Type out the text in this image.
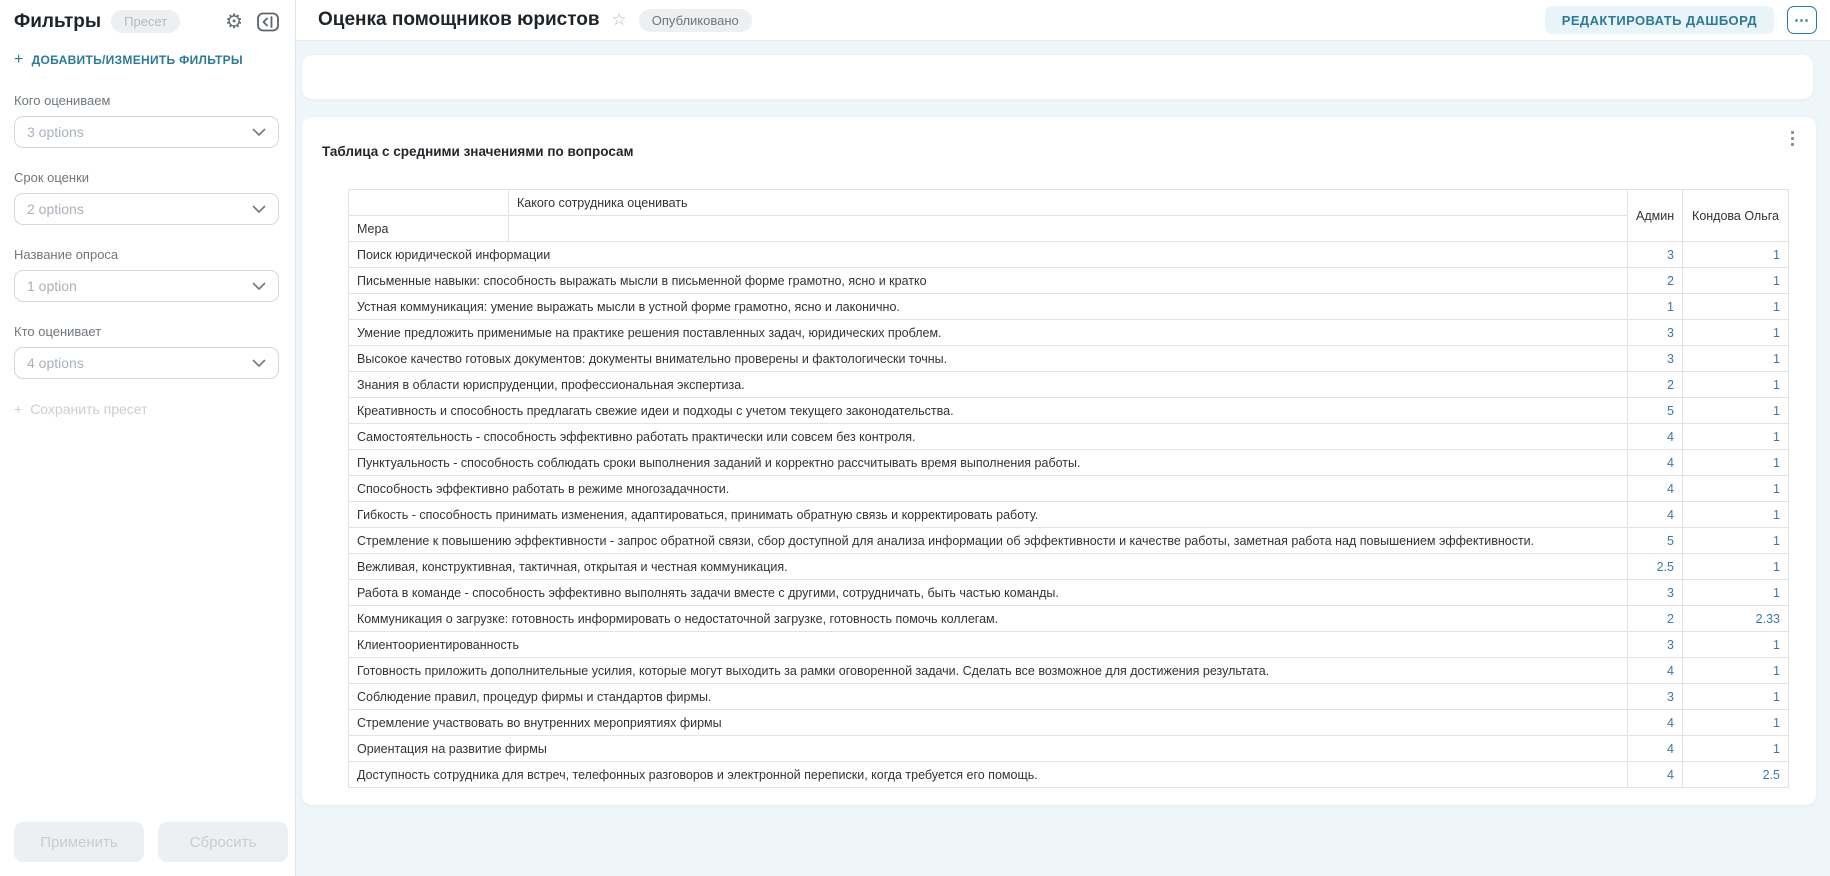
Фильтры	Пресет	⚙
+ ДОБАВИТЬ/ИЗМЕНИТЬ ФИЛЬТРЫ
Кого оцениваем
3 options
Срок оценки
2 options
Название опроса
1 option
Кто оценивает
4 options
+ Сохранить пресет
Применить	Сбросить
Оценка помощников юристов ☆	Опубликовано	РЕДАКТИРОВАТЬ ДАШБОРД	⋯
Таблица с средними значениями по вопросам
	Какого сотрудника оценивать	Админ	Кондова Ольга
Мера			
Поиск юридической информации		3	1
Письменные навыки: способность выражать мысли в письменной форме грамотно, ясно и кратко		2	1
Устная коммуникация: умение выражать мысли в устной форме грамотно, ясно и лаконично.		1	1
Умение предложить применимые на практике решения поставленных задач, юридических проблем.		3	1
Высокое качество готовых документов: документы внимательно проверены и фактологически точны.		3	1
Знания в области юриспруденции, профессиональная экспертиза.		2	1
Креативность и способность предлагать свежие идеи и подходы с учетом текущего законодательства.		5	1
Самостоятельность - способность эффективно работать практически или совсем без контроля.		4	1
Пунктуальность - способность соблюдать сроки выполнения заданий и корректно рассчитывать время выполнения работы.		4	1
Способность эффективно работать в режиме многозадачности.		4	1
Гибкость - способность принимать изменения, адаптироваться, принимать обратную связь и корректировать работу.		4	1
Стремление к повышению эффективности - запрос обратной связи, сбор доступной для анализа информации об эффективности и качестве работы, заметная работа над повышением эффективности.		5	1
Вежливая, конструктивная, тактичная, открытая и честная коммуникация.		2.5	1
Работа в команде - способность эффективно выполнять задачи вместе с другими, сотрудничать, быть частью команды.		3	1
Коммуникация о загрузке: готовность информировать о недостаточной загрузке, готовность помочь коллегам.		2	2.33
Клиентоориентированность		3	1
Готовность приложить дополнительные усилия, которые могут выходить за рамки оговоренной задачи. Сделать все возможное для достижения результата.		4	1
Соблюдение правил, процедур фирмы и стандартов фирмы.		3	1
Стремление участвовать во внутренних мероприятиях фирмы		4	1
Ориентация на развитие фирмы		4	1
Доступность сотрудника для встреч, телефонных разговоров и электронной переписки, когда требуется его помощь.		4	2.5
